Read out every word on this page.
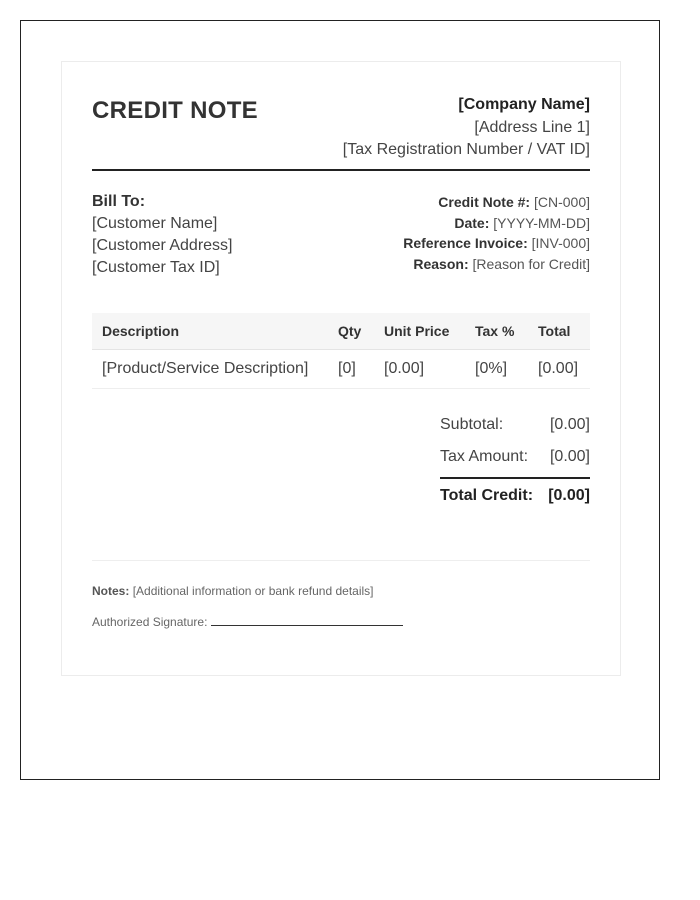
CREDIT NOTE	[Company Name]
[Address Line 1]
[Tax Registration Number / VAT ID]
Bill To:
[Customer Name]
[Customer Address]
[Customer Tax ID]
Credit Note #: [CN-000]
Date: [YYYY-MM-DD]
Reference Invoice: [INV-000]
Reason: [Reason for Credit]
Description	Qty	Unit Price	Tax %	Total
[Product/Service Description]	[0]	[0.00]	[0%]	[0.00]
Subtotal:	[0.00]
Tax Amount: [0.00]
Total Credit: [0.00]

Notes: [Additional information or bank refund details]

Authorized Signature:
